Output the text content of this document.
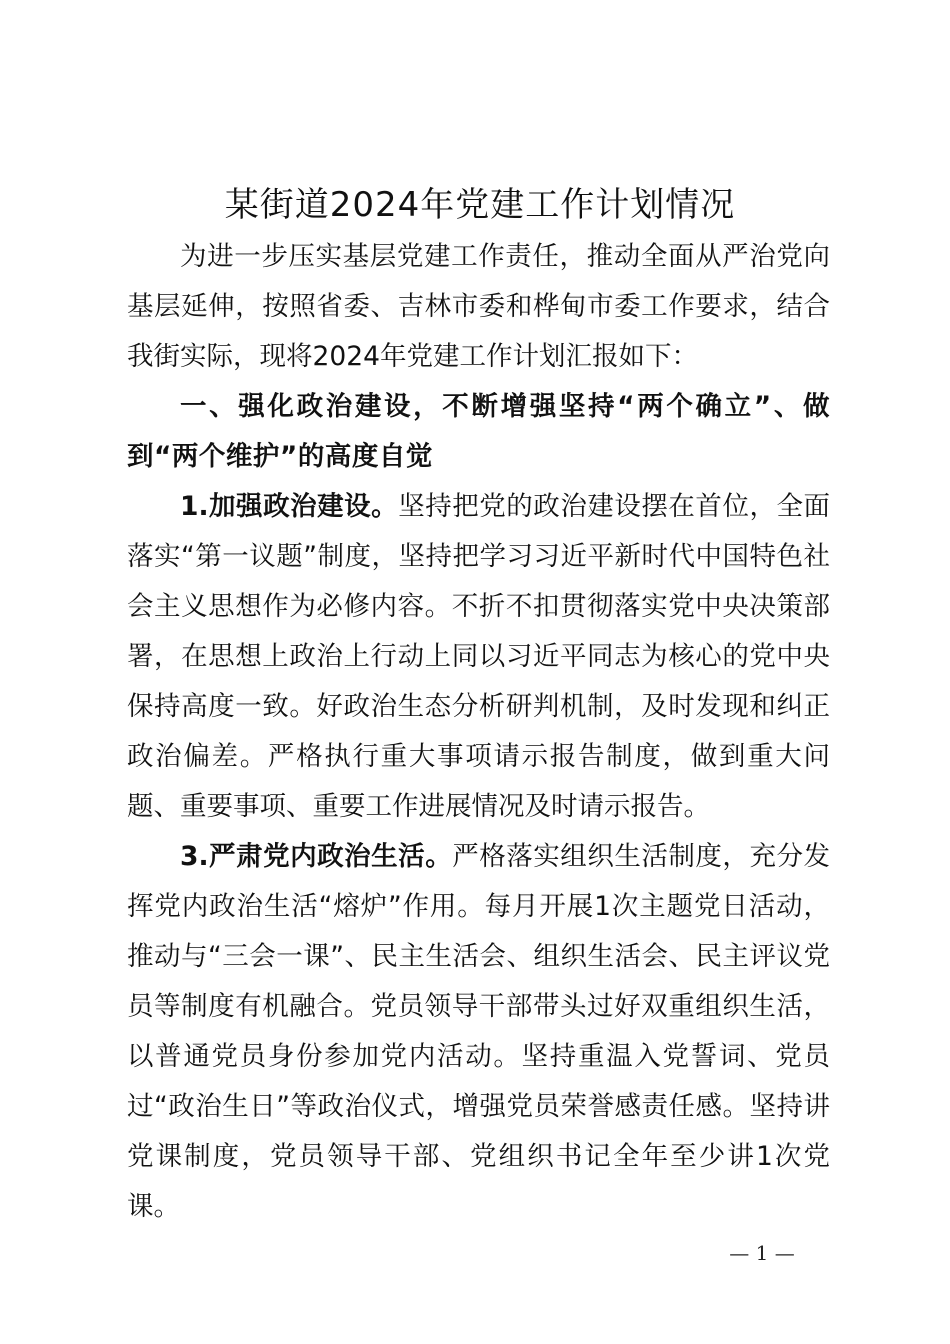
某街道2024年党建工作计划情况

为进一步压实基层党建工作责任，推动全面从严治党向基层延伸，按照省委、吉林市委和桦甸市委工作要求，结合我街实际，现将2024年党建工作计划汇报如下：

一、强化政治建设，不断增强坚持“两个确立”、做到“两个维护”的高度自觉

1.加强政治建设。坚持把党的政治建设摆在首位，全面落实“第一议题”制度，坚持把学习习近平新时代中国特色社会主义思想作为必修内容。不折不扣贯彻落实党中央决策部署，在思想上政治上行动上同以习近平同志为核心的党中央保持高度一致。好政治生态分析研判机制，及时发现和纠正政治偏差。严格执行重大事项请示报告制度，做到重大问题、重要事项、重要工作进展情况及时请示报告。

3.严肃党内政治生活。严格落实组织生活制度，充分发挥党内政治生活“熔炉”作用。每月开展1次主题党日活动，推动与“三会一课”、民主生活会、组织生活会、民主评议党员等制度有机融合。党员领导干部带头过好双重组织生活，以普通党员身份参加党内活动。坚持重温入党誓词、党员过“政治生日”等政治仪式，增强党员荣誉感责任感。坚持讲党课制度，党员领导干部、党组织书记全年至少讲1次党课。

— 1 —
